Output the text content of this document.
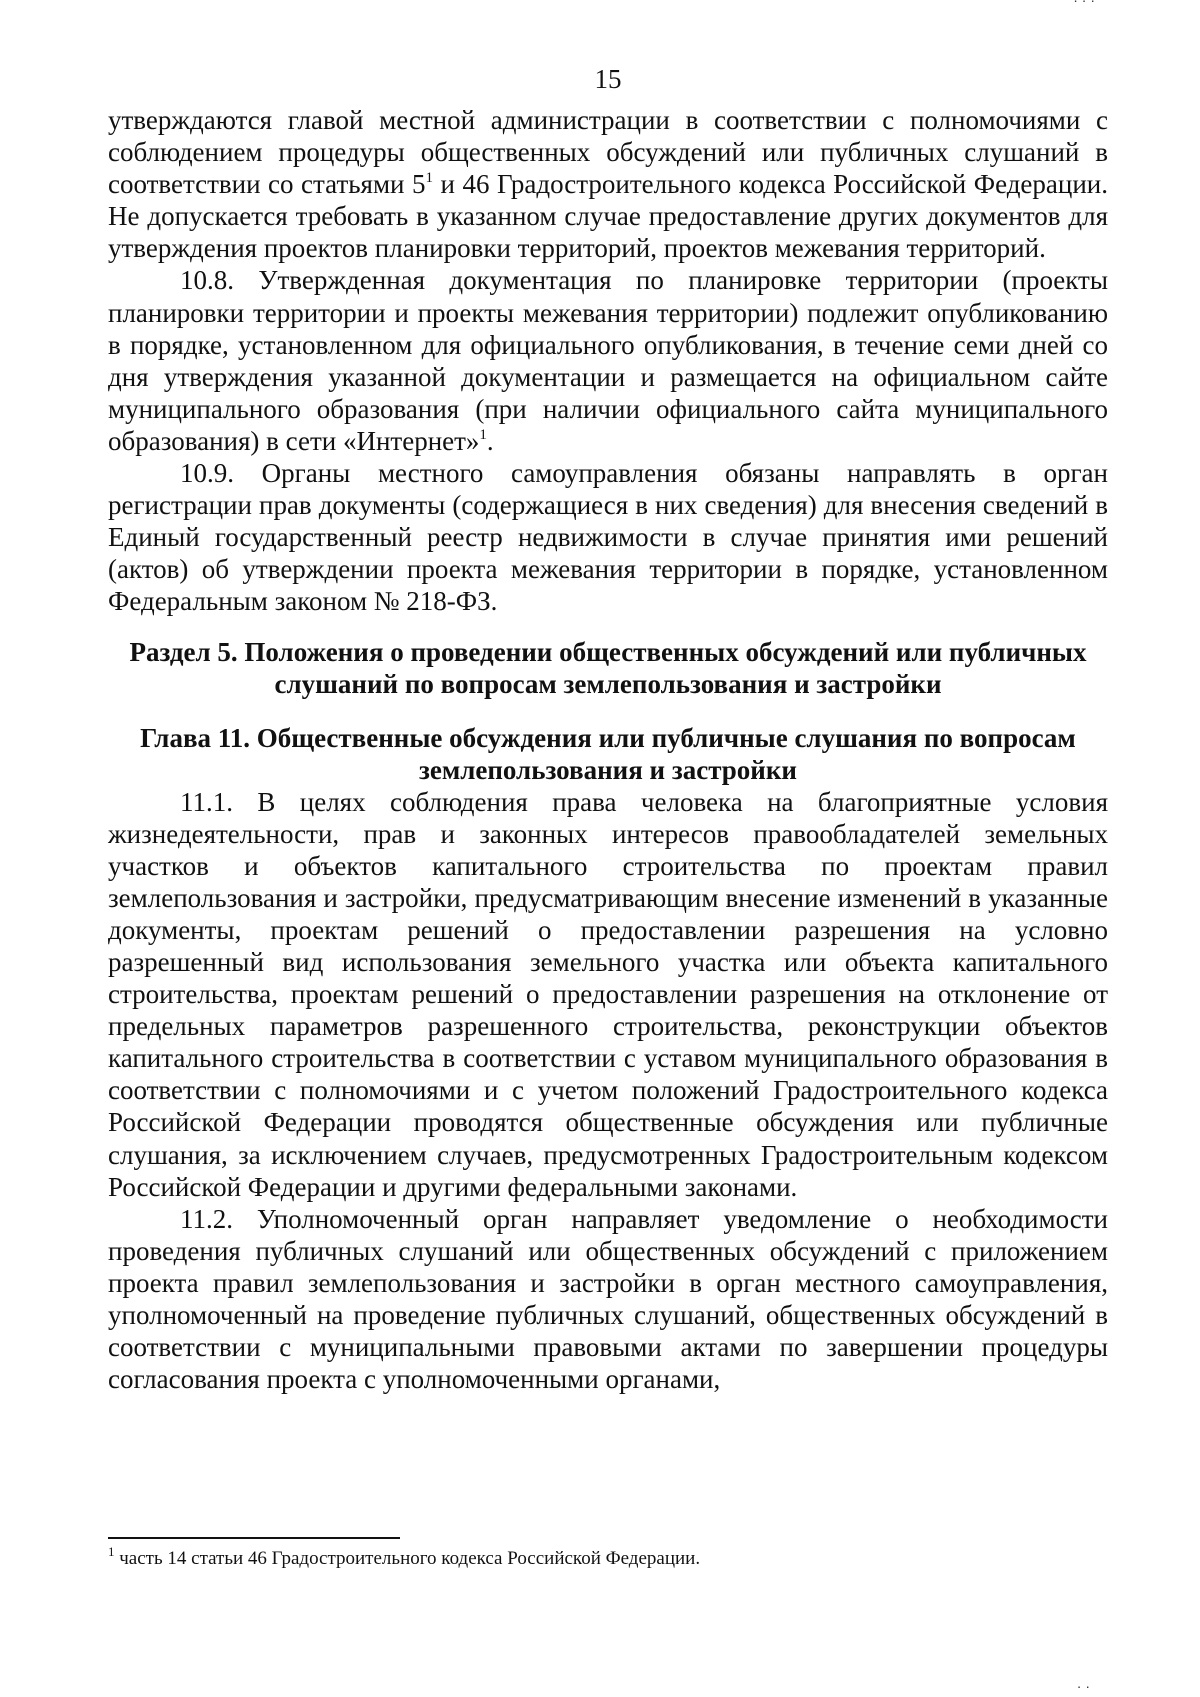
· · ·
15

утверждаются главой местной администрации в соответствии с полномочиями с соблюдением процедуры общественных обсуждений или публичных слушаний в соответствии со статьями $5^1$ и 46 Градостроительного кодекса Российской Федерации. Не допускается требовать в указанном случае предоставление других документов для утверждения проектов планировки территорий, проектов межевания территорий.

10.8. Утвержденная документация по планировке территории (проекты планировки территории и проекты межевания территории) подлежит опубликованию в порядке, установленном для официального опубликования, в течение семи дней со дня утверждения указанной документации и размещается на официальном сайте муниципального образования (при наличии официального сайта муниципального образования) в сети «Интернет»$^1$.

10.9. Органы местного самоуправления обязаны направлять в орган регистрации прав документы (содержащиеся в них сведения) для внесения сведений в Единый государственный реестр недвижимости в случае принятия ими решений (актов) об утверждении проекта межевания территории в порядке, установленном Федеральным законом № 218-ФЗ.

Раздел 5. Положения о проведении общественных обсуждений или публичных
слушаний по вопросам землепользования и застройки
Глава 11. Общественные обсуждения или публичные слушания по вопросам
землепользования и застройки

11.1. В целях соблюдения права человека на благоприятные условия жизнедеятельности, прав и законных интересов правообладателей земельных участков и объектов капитального строительства по проектам правил землепользования и застройки, предусматривающим внесение изменений в указанные документы, проектам решений о предоставлении разрешения на условно разрешенный вид использования земельного участка или объекта капитального строительства, проектам решений о предоставлении разрешения на отклонение от предельных параметров разрешенного строительства, реконструкции объектов капитального строительства в соответствии с уставом муниципального образования в соответствии с полномочиями и с учетом положений Градостроительного кодекса Российской Федерации проводятся общественные обсуждения или публичные слушания, за исключением случаев, предусмотренных Градостроительным кодексом Российской Федерации и другими федеральными законами.

11.2. Уполномоченный орган направляет уведомление о необходимости проведения публичных слушаний или общественных обсуждений с приложением проекта правил землепользования и застройки в орган местного самоуправления, уполномоченный на проведение публичных слушаний, общественных обсуждений в соответствии с муниципальными правовыми актами по завершении процедуры согласования проекта с уполномоченными органами,

$^1$ часть 14 статьи 46 Градостроительного кодекса Российской Федерации.
· ·
